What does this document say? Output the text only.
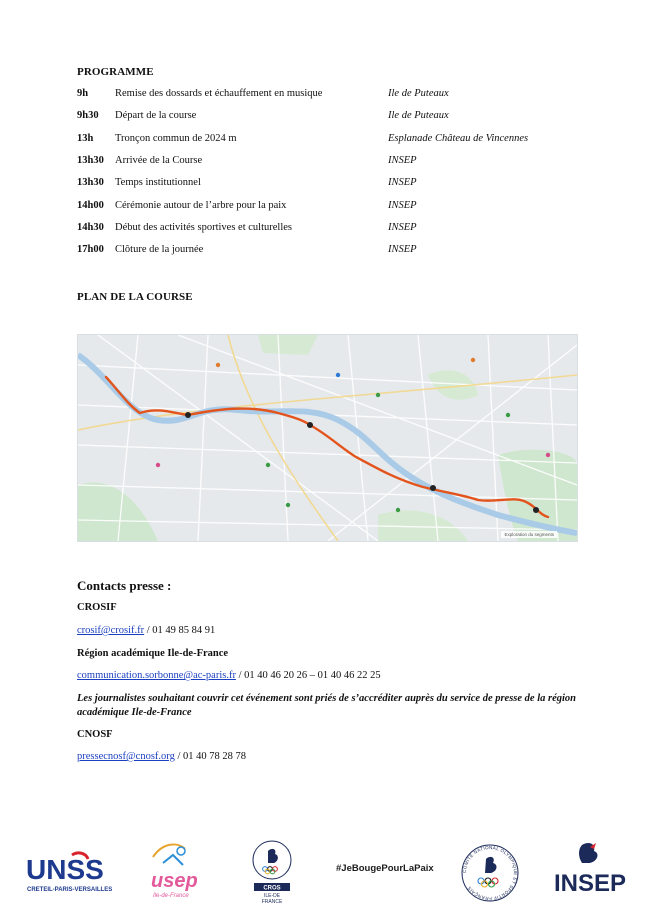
PROGRAMME
9h	Remise des dossards et échauffement en musique	Ile de Puteaux
9h30 Départ de la course	Ile de Puteaux
13h Tronçon commun de 2024 m	Esplanade Château de Vincennes
13h30 Arrivée de la Course	INSEP
13h30 Temps institutionnel	INSEP
14h00 Cérémonie autour de l’arbre pour la paix	INSEP
14h30 Début des activités sportives et culturelles	INSEP
17h00 Clôture de la journée	INSEP
PLAN DE LA COURSE
Exploration du segments
Contacts presse :
CROSIF
crosif@crosif.fr / 01 49 85 84 91
Région académique Ile-de-France
communication.sorbonne@ac-paris.fr / 01 40 46 20 26 – 01 40 46 22 25
Les journalistes souhaitant couvrir cet événement sont priés de s’accréditer auprès du service de presse de la région académique Ile-de-France
CNOSF
pressecnosf@cnosf.org / 01 40 78 28 78
UNSS
CRETEIL-PARIS-VERSAILLES usep
Ile-de-France
CROS
ILE-DE
FRANCE
#JeBougePourLaPaix	COMITÉ NATIONAL OLYMPIQUE ET SPORTIF FRANÇAIS	INSEP
